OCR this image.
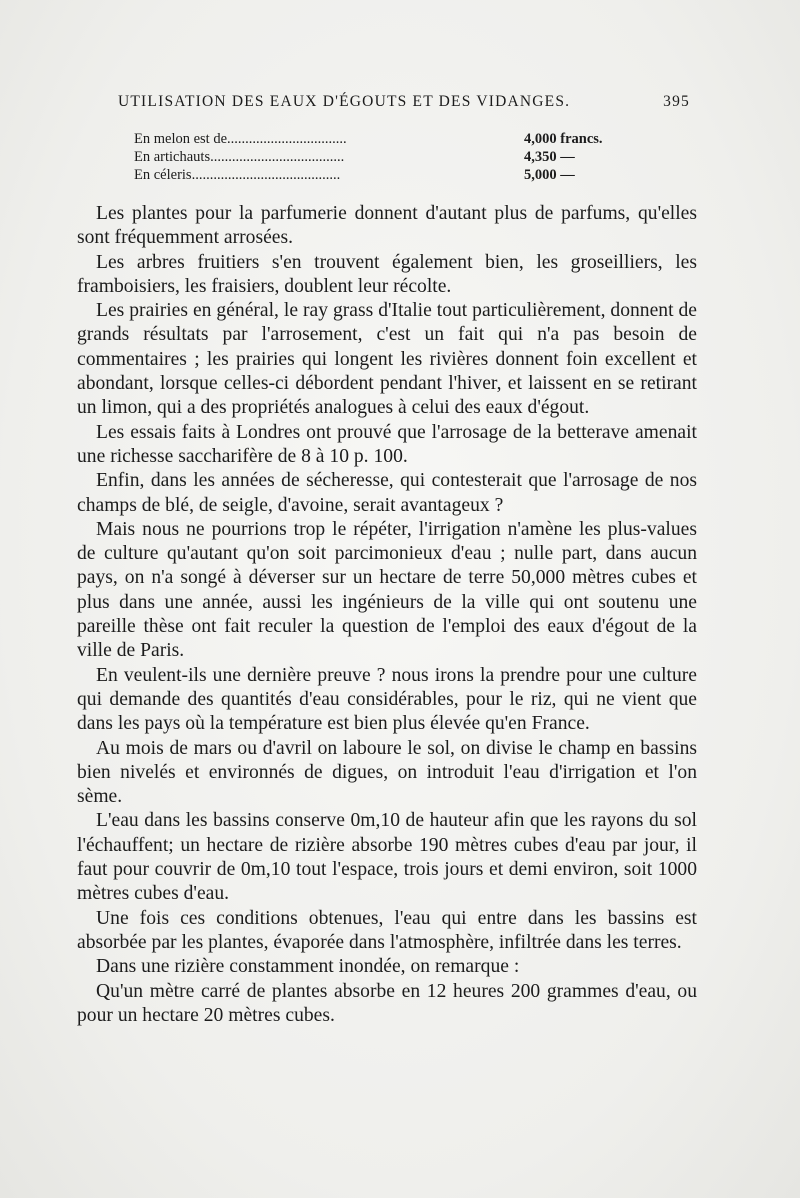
UTILISATION DES EAUX D'ÉGOUTS ET DES VIDANGES.	395
En melon est de.................................	4,000 francs.
En artichauts.....................................	4,350 —
En céleris.........................................	5,000 —

Les plantes pour la parfumerie donnent d'autant plus de parfums, qu'elles sont fréquemment arrosées.

Les arbres fruitiers s'en trouvent également bien, les groseilliers, les framboisiers, les fraisiers, doublent leur récolte.

Les prairies en général, le ray grass d'Italie tout particulièrement, donnent de grands résultats par l'arrosement, c'est un fait qui n'a pas besoin de commentaires ; les prairies qui longent les rivières donnent foin excellent et abondant, lorsque celles-ci débordent pendant l'hiver, et laissent en se retirant un limon, qui a des propriétés analogues à celui des eaux d'égout.

Les essais faits à Londres ont prouvé que l'arrosage de la betterave amenait une richesse saccharifère de 8 à 10 p. 100.

Enfin, dans les années de sécheresse, qui contesterait que l'arrosage de nos champs de blé, de seigle, d'avoine, serait avantageux ?

Mais nous ne pourrions trop le répéter, l'irrigation n'amène les plus-values de culture qu'autant qu'on soit parcimonieux d'eau ; nulle part, dans aucun pays, on n'a songé à déverser sur un hectare de terre 50,000 mètres cubes et plus dans une année, aussi les ingénieurs de la ville qui ont soutenu une pareille thèse ont fait reculer la question de l'emploi des eaux d'égout de la ville de Paris.

En veulent-ils une dernière preuve ? nous irons la prendre pour une culture qui demande des quantités d'eau considérables, pour le riz, qui ne vient que dans les pays où la température est bien plus élevée qu'en France.

Au mois de mars ou d'avril on laboure le sol, on divise le champ en bassins bien nivelés et environnés de digues, on introduit l'eau d'irrigation et l'on sème.

L'eau dans les bassins conserve 0m,10 de hauteur afin que les rayons du sol l'échauffent; un hectare de rizière absorbe 190 mètres cubes d'eau par jour, il faut pour couvrir de 0m,10 tout l'espace, trois jours et demi environ, soit 1000 mètres cubes d'eau.

Une fois ces conditions obtenues, l'eau qui entre dans les bassins est absorbée par les plantes, évaporée dans l'atmosphère, infiltrée dans les terres.

Dans une rizière constamment inondée, on remarque :

Qu'un mètre carré de plantes absorbe en 12 heures 200 grammes d'eau, ou pour un hectare 20 mètres cubes.
